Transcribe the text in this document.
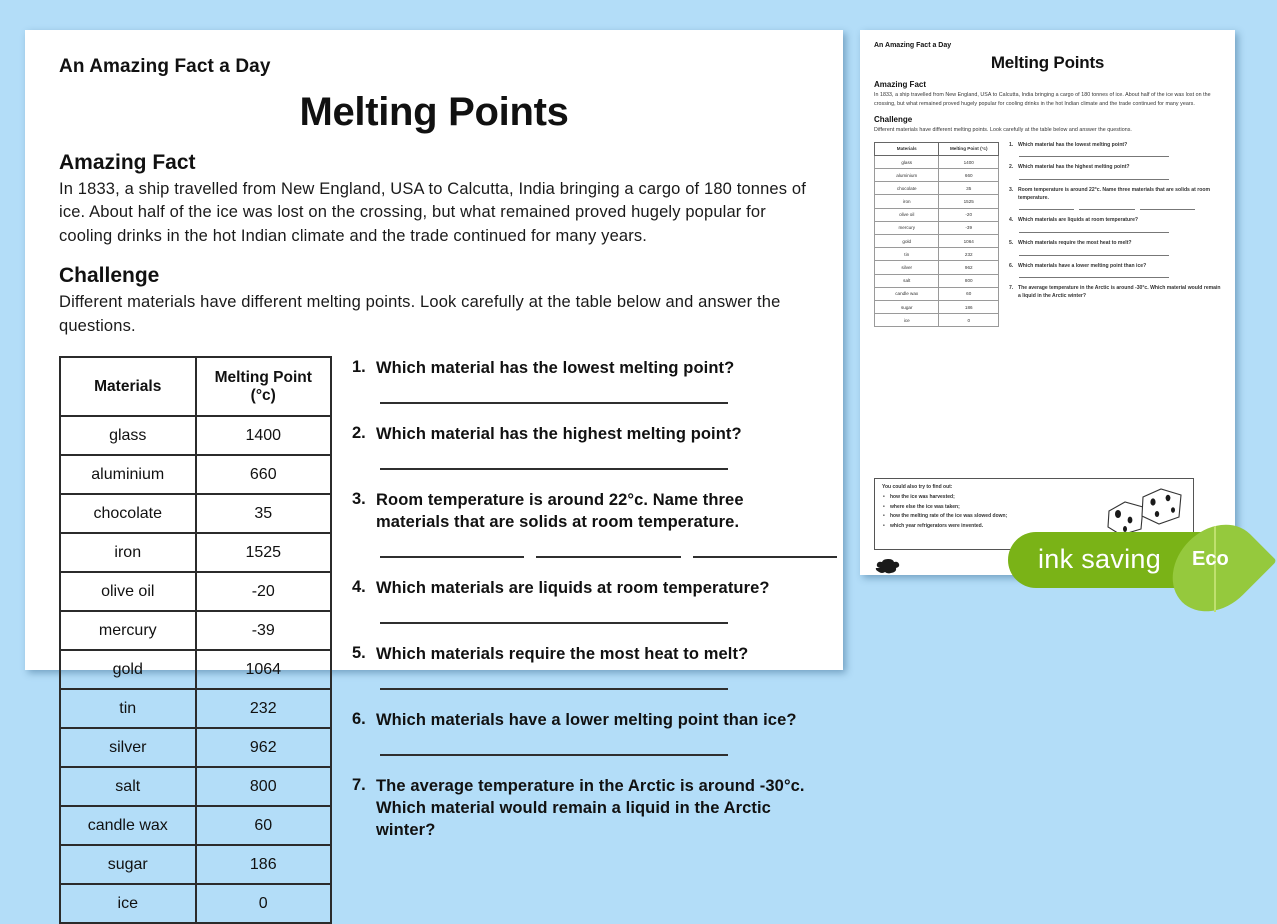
An Amazing Fact a Day
Melting Points
Amazing Fact
In 1833, a ship travelled from New England, USA to Calcutta, India bringing a cargo of 180 tonnes of ice. About half of the ice was lost on the crossing, but what remained proved hugely popular for cooling drinks in the hot Indian climate and the trade continued for many years.
Challenge
Different materials have different melting points. Look carefully at the table below and answer the questions.
Materials	Melting Point (°c)
glass	1400
aluminium	660
chocolate	35
iron	1525
olive oil	-20
mercury	-39
gold	1064
tin	232
silver	962
salt	800
candle wax	60
sugar	186
ice	0
1. Which material has the lowest melting point?
2. Which material has the highest melting point?
3. Room temperature is around 22°c. Name three materials that are solids at room temperature.
4. Which materials are liquids at room temperature?
5. Which materials require the most heat to melt?
6. Which materials have a lower melting point than ice?
7. The average temperature in the Arctic is around -30°c. Which material would remain a liquid in the Arctic winter?
An Amazing Fact a Day
Melting Points
Amazing Fact
In 1833, a ship travelled from New England, USA to Calcutta, India bringing a cargo of 180 tonnes of ice. About half of the ice was lost on the crossing, but what remained proved hugely popular for cooling drinks in the hot Indian climate and the trade continued for many years.
Challenge
Different materials have different melting points. Look carefully at the table below and answer the questions.
Materials	Melting Point (°c)
glass	1400
aluminium	660
chocolate	35
iron	1525
olive oil	-20
mercury	-39
gold	1064
tin	232
silver	962
salt	800
candle wax	60
sugar	186
ice	0
1. Which material has the lowest melting point?
2. Which material has the highest melting point?
3. Room temperature is around 22°c. Name three materials that are solids at room temperature.
4. Which materials are liquids at room temperature?
5. Which materials require the most heat to melt?
6. Which materials have a lower melting point than ice?
7. The average temperature in the Arctic is around -30°c. Which material would remain a liquid in the Arctic winter?
You could also try to find out:
• how the ice was harvested;
• where else the ice was taken;
• how the melting rate of the ice was slowed down;
• which year refrigerators were invented.
ink saving Eco
